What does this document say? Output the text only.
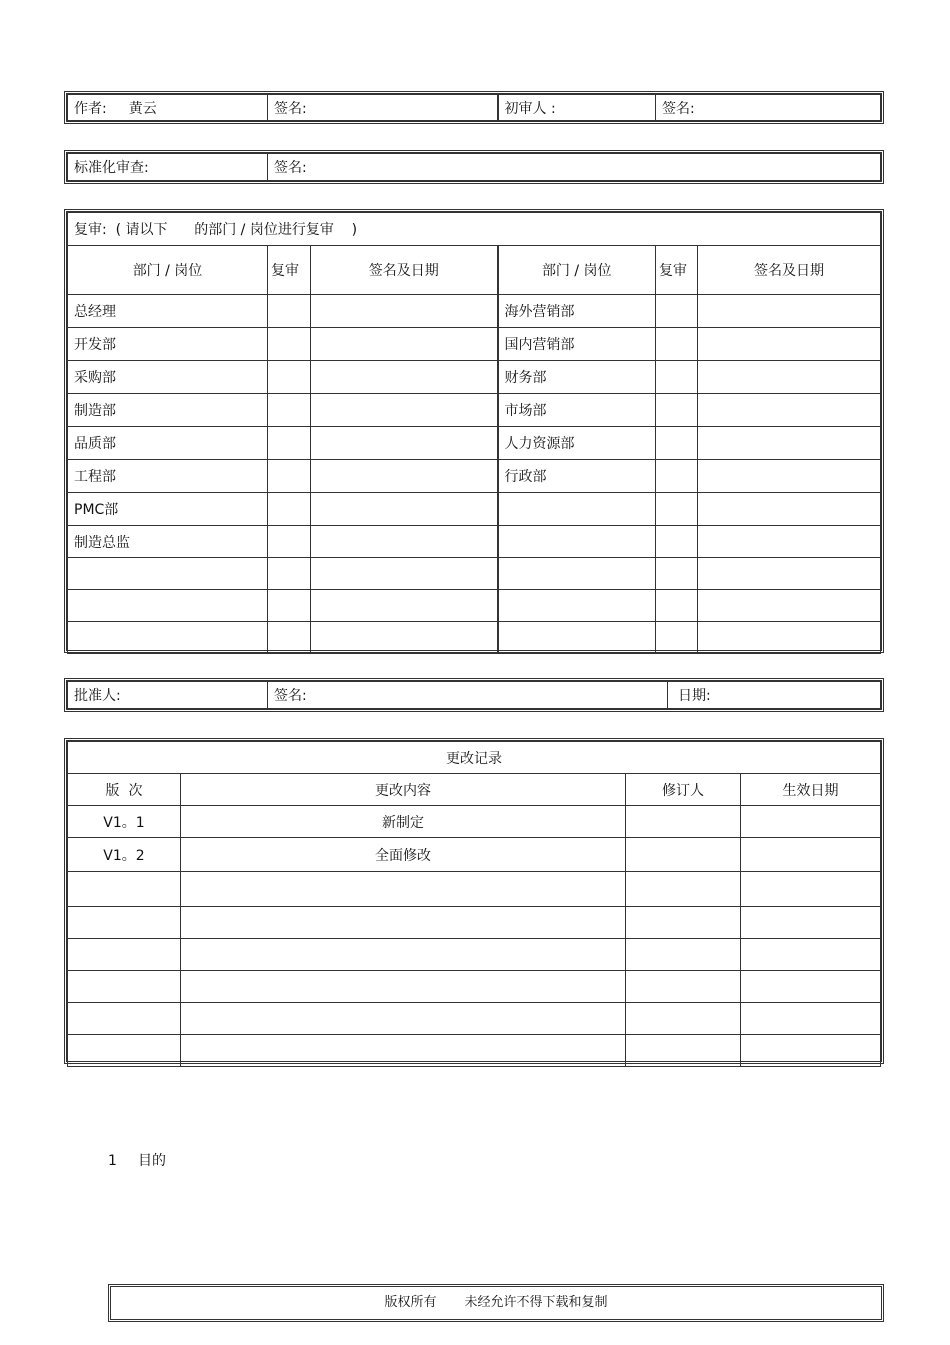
作者: 黄云	签名:	初审人 :	签名:
标准化审查:	签名:
复审:  ( 请以下      的部门 / 岗位进行复审    )					
部门 / 岗位	复审	签名及日期	部门 / 岗位	复审	签名及日期
总经理			海外营销部		
开发部			国内营销部		
采购部			财务部		
制造部			市场部		
品质部			人力资源部		
工程部			行政部		
PMC部					
制造总监					

批准人:	签名:	日期:
更改记录			
版  次	更改内容	修订人	生效日期
V1。1	新制定		
V1。2	全面修改		

1 目的
版权所有 未经允许不得下载和复制
